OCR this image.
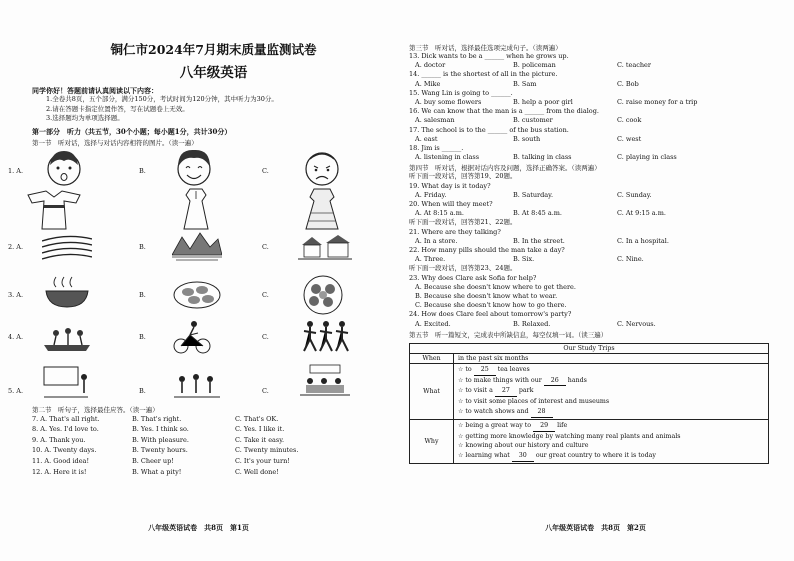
铜仁市2024年7月期末质量监测试卷
八年级英语
同学你好！答题前请认真阅读以下内容：
1.全卷共8页，五个部分，满分150分，考试时间为120分钟，其中听力为30分。
2.请在答题卡指定位置作答，写在试题卷上无效。
3.选择题均为单项选择题。
第一部分　听力（共五节，30个小题；每小题1分，共计30分）
第一节　听对话，选择与对话内容相符的图片。（读一遍）
1. A.	B.	C.
2. A.	B.	C.
3. A.	B.	C.
4. A.	B.	C.
5. A.	B.	C.
第二节　听句子，选择最佳应答。（读一遍）
7. A. That's all right.	B. That's right.	C. That's OK.
8. A. Yes. I'd love to.	B. Yes. I think so.	C. Yes. I like it.
9. A. Thank you.	B. With pleasure.	C. Take it easy.
10. A. Twenty days.	B. Twenty hours.	C. Twenty minutes.
11. A. Good idea!	B. Cheer up!	C. It's your turn!
12. A. Here it is!	B. What a pity!	C. Well done!
八年级英语试卷　共8页　第1页
第三节　听对话，选择最佳选项完成句子。（读两遍）
13. Dick wants to be a ______ when he grows up.
A. doctor	B. policeman	C. teacher
14. ______ is the shortest of all in the picture.
A. Mike	B. Sam	C. Bob
15. Wang Lin is going to ______.
A. buy some flowers	B. help a poor girl	C. raise money for a trip
16. We can know that the man is a ______ from the dialog.
A. salesman	B. customer	C. cook
17. The school is to the ______ of the bus station.
A. east	B. south	C. west
18. Jim is ______.
A. listening in class	B. talking in class	C. playing in class
第四节　听对话，根据对话内容及问题，选择正确答案。（读两遍）
听下面一段对话，回答第19、20题。
19. What day is it today?
A. Friday.	B. Saturday.	C. Sunday.
20. When will they meet?
A. At 8:15 a.m.	B. At 8:45 a.m.	C. At 9:15 a.m.
听下面一段对话，回答第21、22题。
21. Where are they talking?
A. In a store.	B. In the street.	C. In a hospital.
22. How many pills should the man take a day?
A. Three.	B. Six.	C. Nine.
听下面一段对话，回答第23、24题。
23. Why does Clare ask Sofia for help?
A. Because she doesn't know where to get there.
B. Because she doesn't know what to wear.
C. Because she doesn't know how to go there.
24. How does Clare feel about tomorrow's party?
A. Excited.	B. Relaxed.	C. Nervous.
第五节　听一篇短文，完成表中所缺信息，每空仅填一词。（读三遍）
Our Study Trips	
When	in the past six months
What	☆ to 25 tea leaves
☆ to make things with our 26 hands
☆ to visit a 27 park
☆ to visit some places of interest and museums
☆ to watch shows and 28

Why	☆ being a great way to 29 life
☆ getting more knowledge by watching many real plants and animals
☆ knowing about our history and culture
☆ learning what 30 our great country to where it is today
八年级英语试卷　共8页　第2页
